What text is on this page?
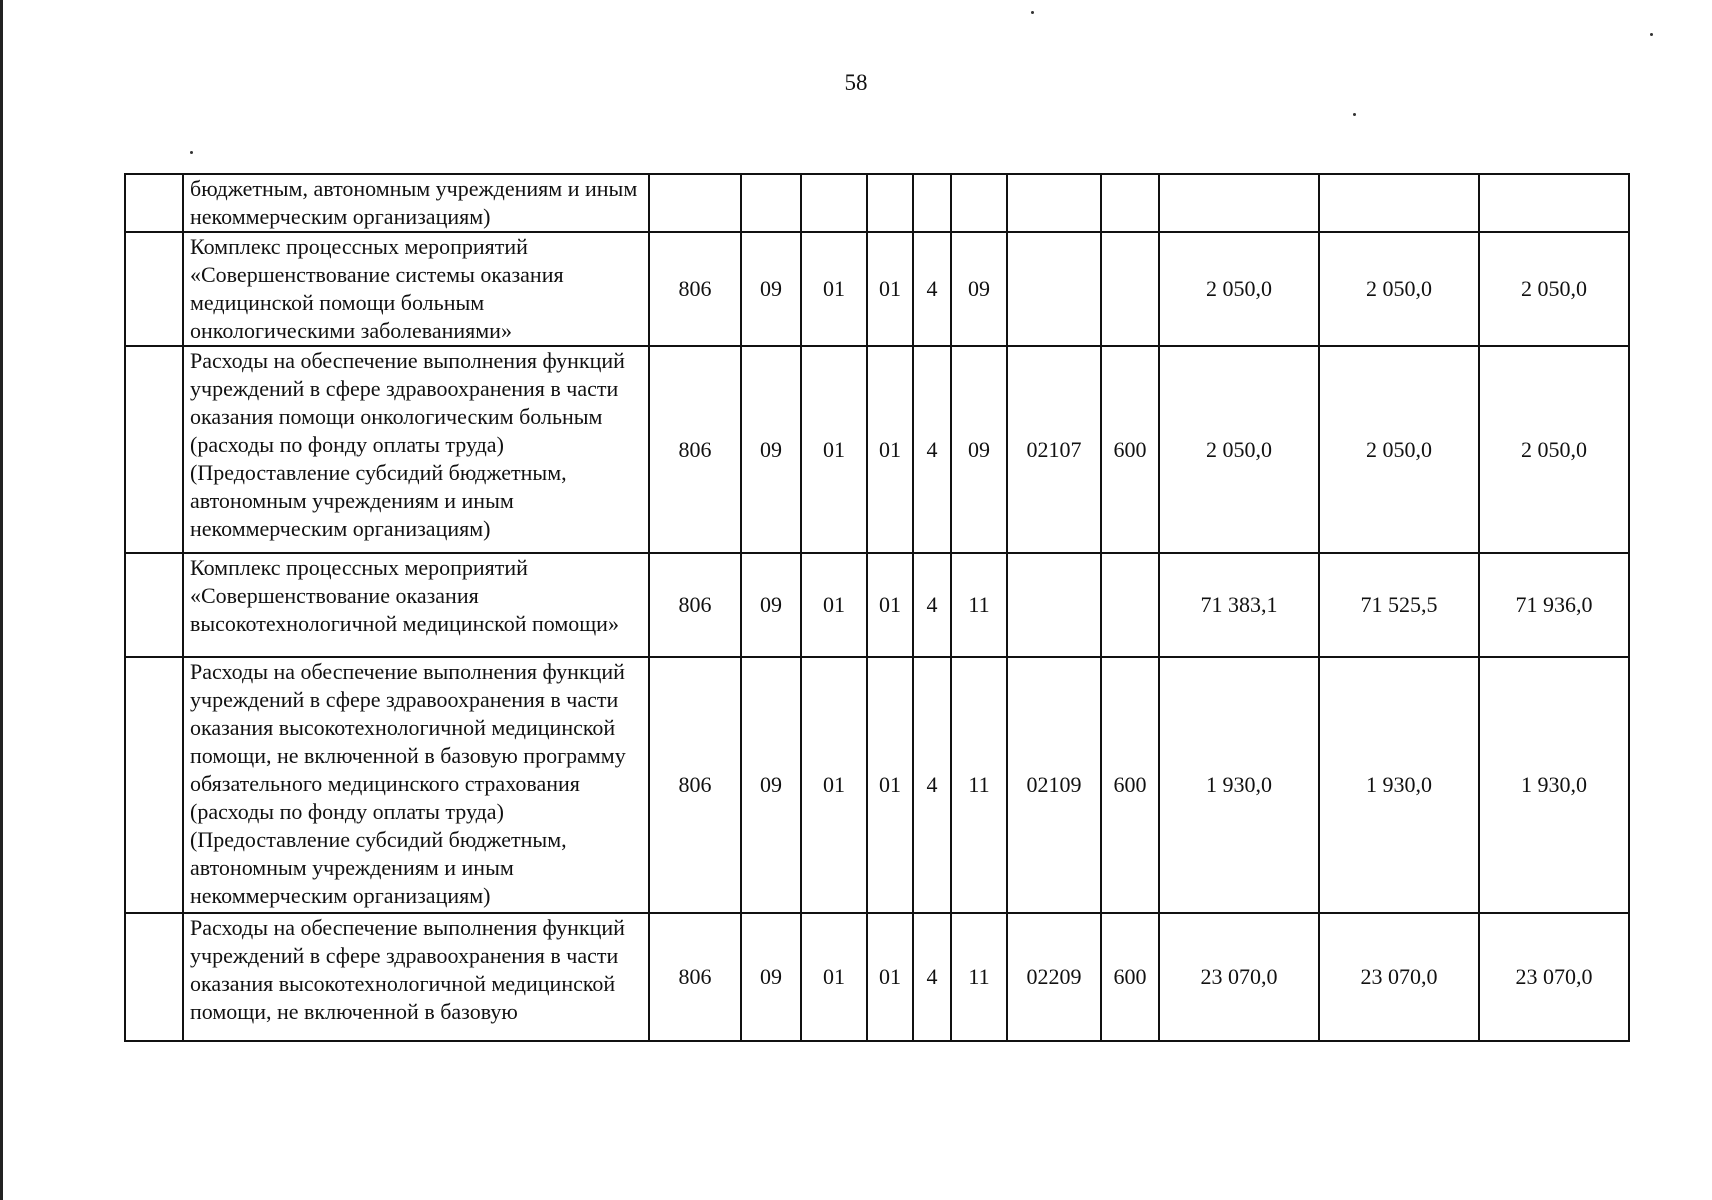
58
	бюджетным, автономным учреждениям и иным некоммерческим организациям)											
	Комплекс процессных мероприятий «Совершенствование системы оказания медицинской помощи больным онкологическими заболеваниями»	806	09	01	01	4	09			2 050,0	2 050,0	2 050,0
	Расходы на обеспечение выполнения функций учреждений в сфере здравоохранения в части оказания помощи онкологическим больным (расходы по фонду оплаты труда) (Предоставление субсидий бюджетным, автономным учреждениям и иным некоммерческим организациям)	806	09	01	01	4	09	02107	600	2 050,0	2 050,0	2 050,0
	Комплекс процессных мероприятий «Совершенствование оказания высокотехнологичной медицинской помощи»	806	09	01	01	4	11			71 383,1	71 525,5	71 936,0
	Расходы на обеспечение выполнения функций учреждений в сфере здравоохранения в части оказания высокотехнологичной медицинской помощи, не включенной в базовую программу обязательного медицинского страхования (расходы по фонду оплаты труда) (Предоставление субсидий бюджетным, автономным учреждениям и иным некоммерческим организациям)	806	09	01	01	4	11	02109	600	1 930,0	1 930,0	1 930,0
	Расходы на обеспечение выполнения функций учреждений в сфере здравоохранения в части оказания высокотехнологичной медицинской помощи, не включенной в базовую	806	09	01	01	4	11	02209	600	23 070,0	23 070,0	23 070,0
